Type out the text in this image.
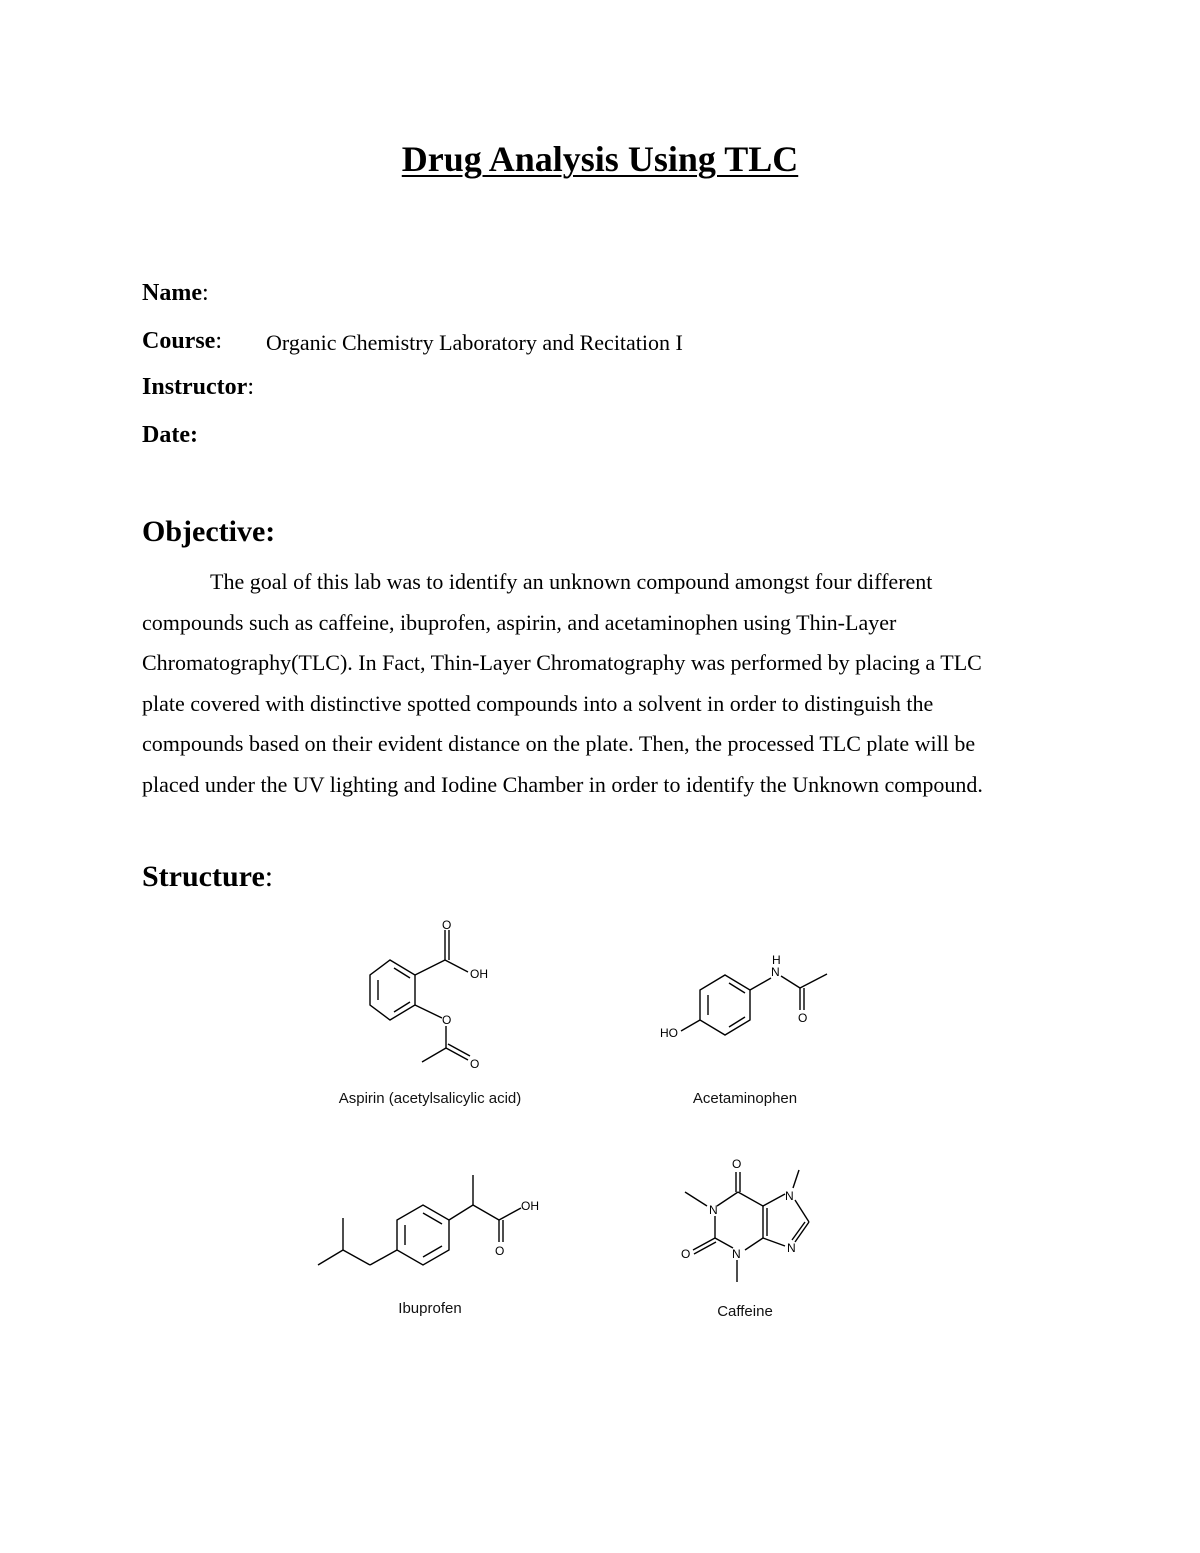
Drug Analysis Using TLC
Name:
Course: Organic Chemistry Laboratory and Recitation I
Instructor:
Date:
Objective:
The goal of this lab was to identify an unknown compound amongst four different
compounds such as caffeine, ibuprofen, aspirin, and acetaminophen using Thin-Layer
Chromatography(TLC). In Fact, Thin-Layer Chromatography was performed by placing a TLC
plate covered with distinctive spotted compounds into a solvent in order to distinguish the
compounds based on their evident distance on the plate. Then, the processed TLC plate will be
placed under the UV lighting and Iodine Chamber in order to identify the Unknown compound.
Structure:
O
OH
O
O
Aspirin (acetylsalicylic acid)
N
H
O
HO
Acetaminophen
OH
O
Ibuprofen
O
N
O	N
N
N
Caffeine
